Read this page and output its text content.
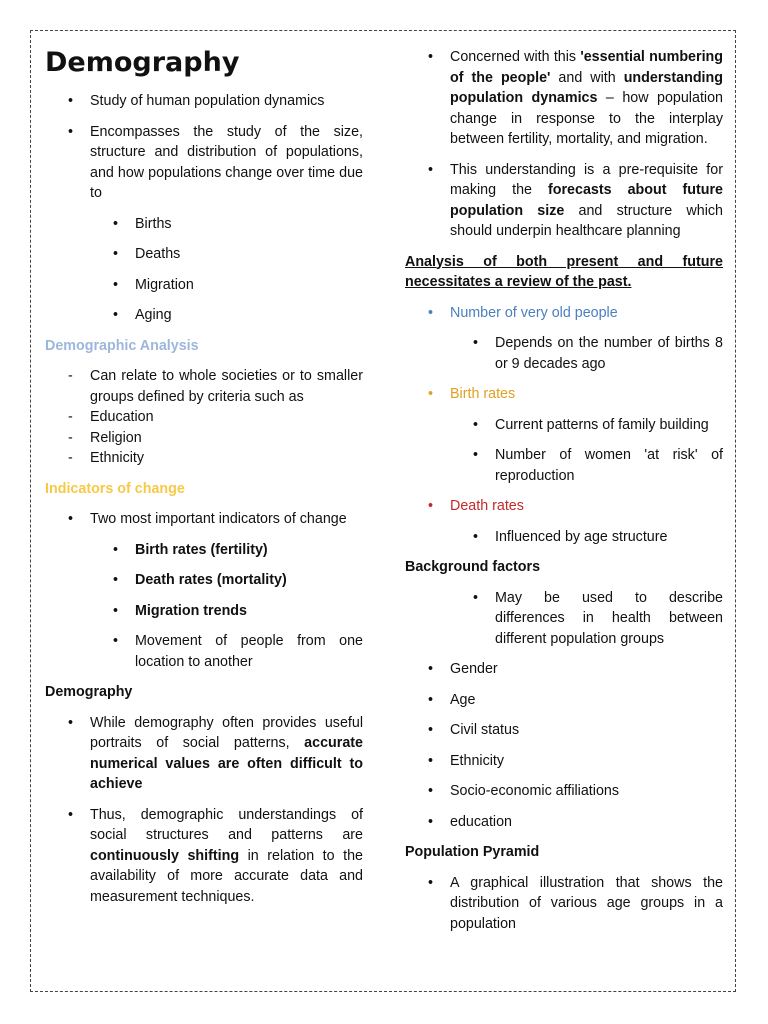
Demography
• Study of human population dynamics
• Encompasses the study of the size, structure and distribution of populations, and how populations change over time due to
• Births
• Deaths
• Migration
• Aging
Demographic Analysis
- Can relate to whole societies or to smaller groups defined by criteria such as
- Education
- Religion
- Ethnicity
Indicators of change
• Two most important indicators of change
• Birth rates (fertility)
• Death rates (mortality)
• Migration trends
• Movement of people from one location to another
Demography
• While demography often provides useful portraits of social patterns, accurate numerical values are often difficult to achieve
• Thus, demographic understandings of social structures and patterns are continuously shifting in relation to the availability of more accurate data and measurement techniques.
• Concerned with this 'essential numbering of the people' and with understanding population dynamics – how population change in response to the interplay between fertility, mortality, and migration.
• This understanding is a pre-requisite for making the forecasts about future population size and structure which should underpin healthcare planning
Analysis of both present and future necessitates a review of the past.
• Number of very old people
• Depends on the number of births 8 or 9 decades ago
• Birth rates
• Current patterns of family building
• Number of women 'at risk' of reproduction
• Death rates
• Influenced by age structure
Background factors
• May be used to describe differences in health between different population groups
• Gender
• Age
• Civil status
• Ethnicity
• Socio-economic affiliations
• education
Population Pyramid
• A graphical illustration that shows the distribution of various age groups in a population
